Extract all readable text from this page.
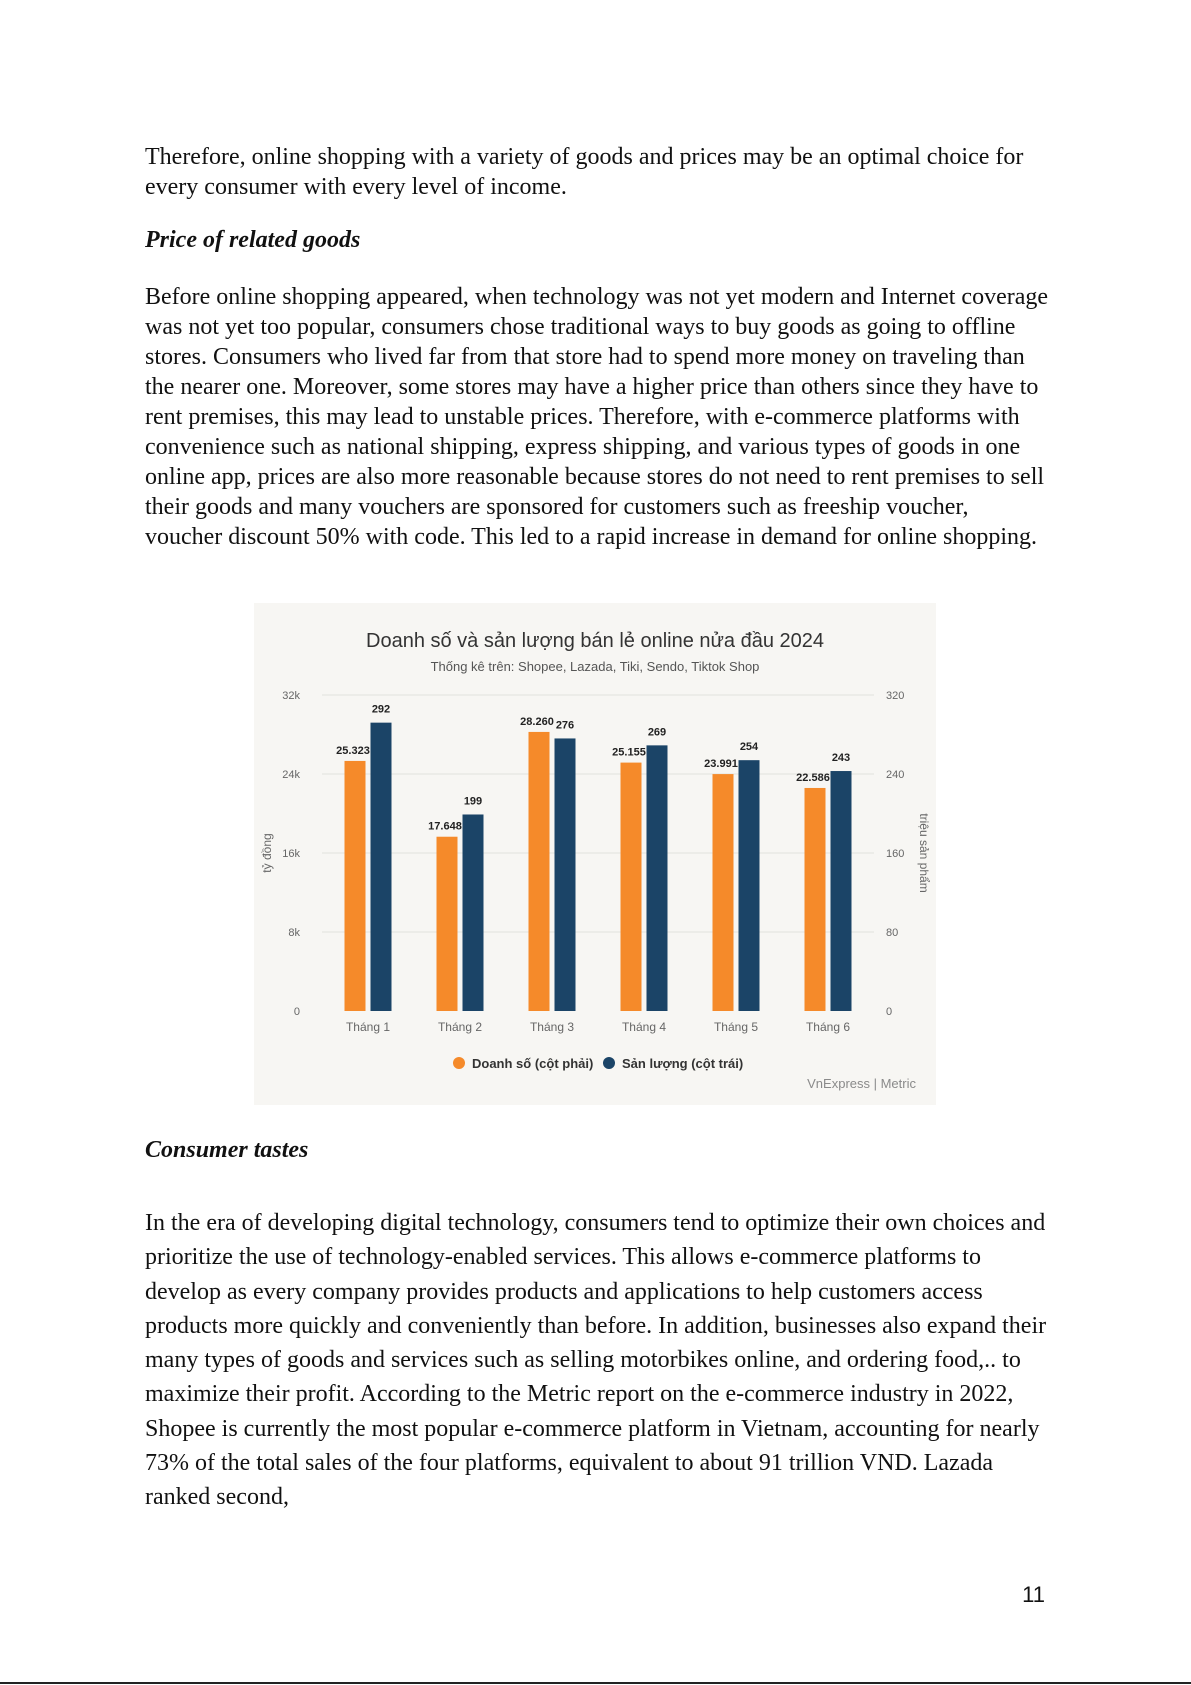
Therefore, online shopping with a variety of goods and prices may be an optimal choice for every consumer with every level of income.
Price of related goods
Before online shopping appeared, when technology was not yet modern and Internet coverage was not yet too popular, consumers chose traditional ways to buy goods as going to offline stores. Consumers who lived far from that store had to spend more money on traveling than the nearer one. Moreover, some stores may have a higher price than others since they have to rent premises, this may lead to unstable prices. Therefore, with e-commerce platforms with convenience such as national shipping, express shipping, and various types of goods in one online app, prices are also more reasonable because stores do not need to rent premises to sell their goods and many vouchers are sponsored for customers such as freeship voucher, voucher discount 50% with code. This led to a rapid increase in demand for online shopping.
Doanh số và sản lượng bán lẻ online nửa đầu 2024
Thống kê trên: Shopee, Lazada, Tiki, Sendo, Tiktok Shop
25.323
292
17.648
199
28.260 276
25.155
269
23.991
254
22.586
243
0	0
8k	80
16k	160
24k	240
32k	320
tỷ đồng	triệu sản phẩm
Tháng 1	Tháng 2	Tháng 3	Tháng 4	Tháng 5	Tháng 6
Doanh số (cột phải) Sản lượng (cột trái)
VnExpress | Metric
Consumer tastes
In the era of developing digital technology, consumers tend to optimize their own choices and prioritize the use of technology-enabled services. This allows e-commerce platforms to develop as every company provides products and applications to help customers access products more quickly and conveniently than before. In addition, businesses also expand their many types of goods and services such as selling motorbikes online, and ordering food,.. to maximize their profit. According to the Metric report on the e-commerce industry in 2022, Shopee is currently the most popular e-commerce platform in Vietnam, accounting for nearly 73% of the total sales of the four platforms, equivalent to about 91 trillion VND. Lazada ranked second,
11
